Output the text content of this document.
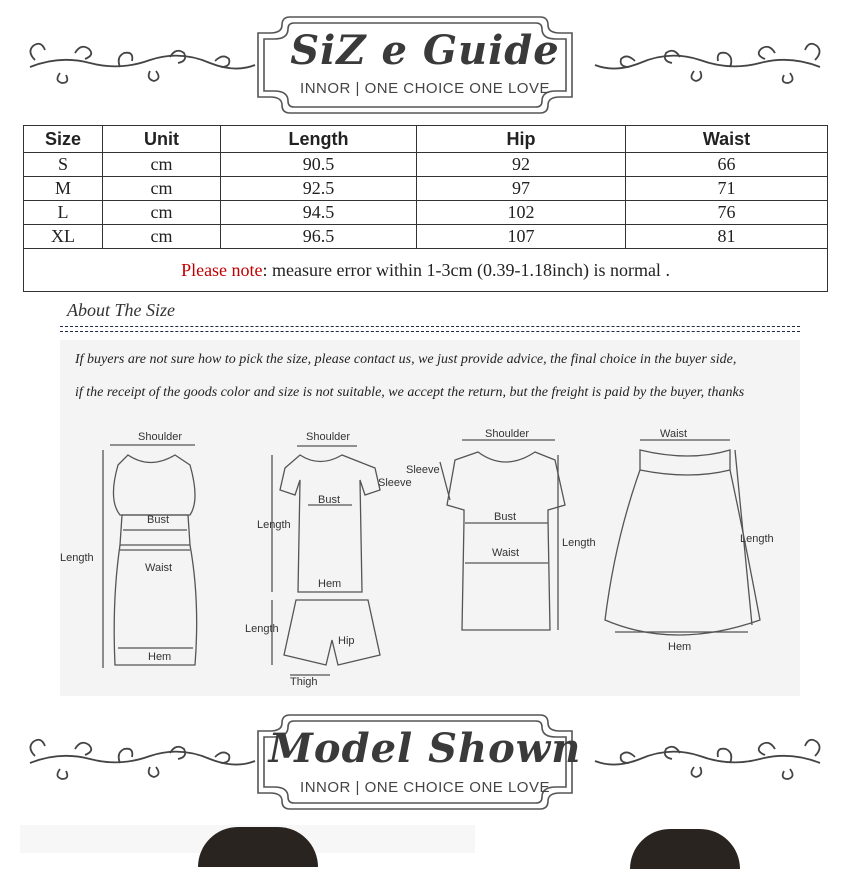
SiZ e Guide
INNOR | ONE CHOICE ONE LOVE
Size	Unit	Length	Hip	Waist
S	cm	90.5	92	66
M	cm	92.5	97	71
L	cm	94.5	102	76
XL	cm	96.5	107	81
Please note: measure error within 1-3cm (0.39-1.18inch) is normal .				
About The Size
If buyers are not sure how to pick the size, please contact us, we just provide advice, the final choice in the buyer side,
if the receipt of the goods color and size is not suitable, we accept the return, but the freight is paid by the buyer, thanks
Shoulder
Bust
Waist
Length
Hem
Shoulder
Sleeve
Bust
Length
Hem
Length
Hip
Thigh
Shoulder
Sleeve
Bust
Waist
Length
Waist
Length
Hem
Model Shown
INNOR | ONE CHOICE ONE LOVE
